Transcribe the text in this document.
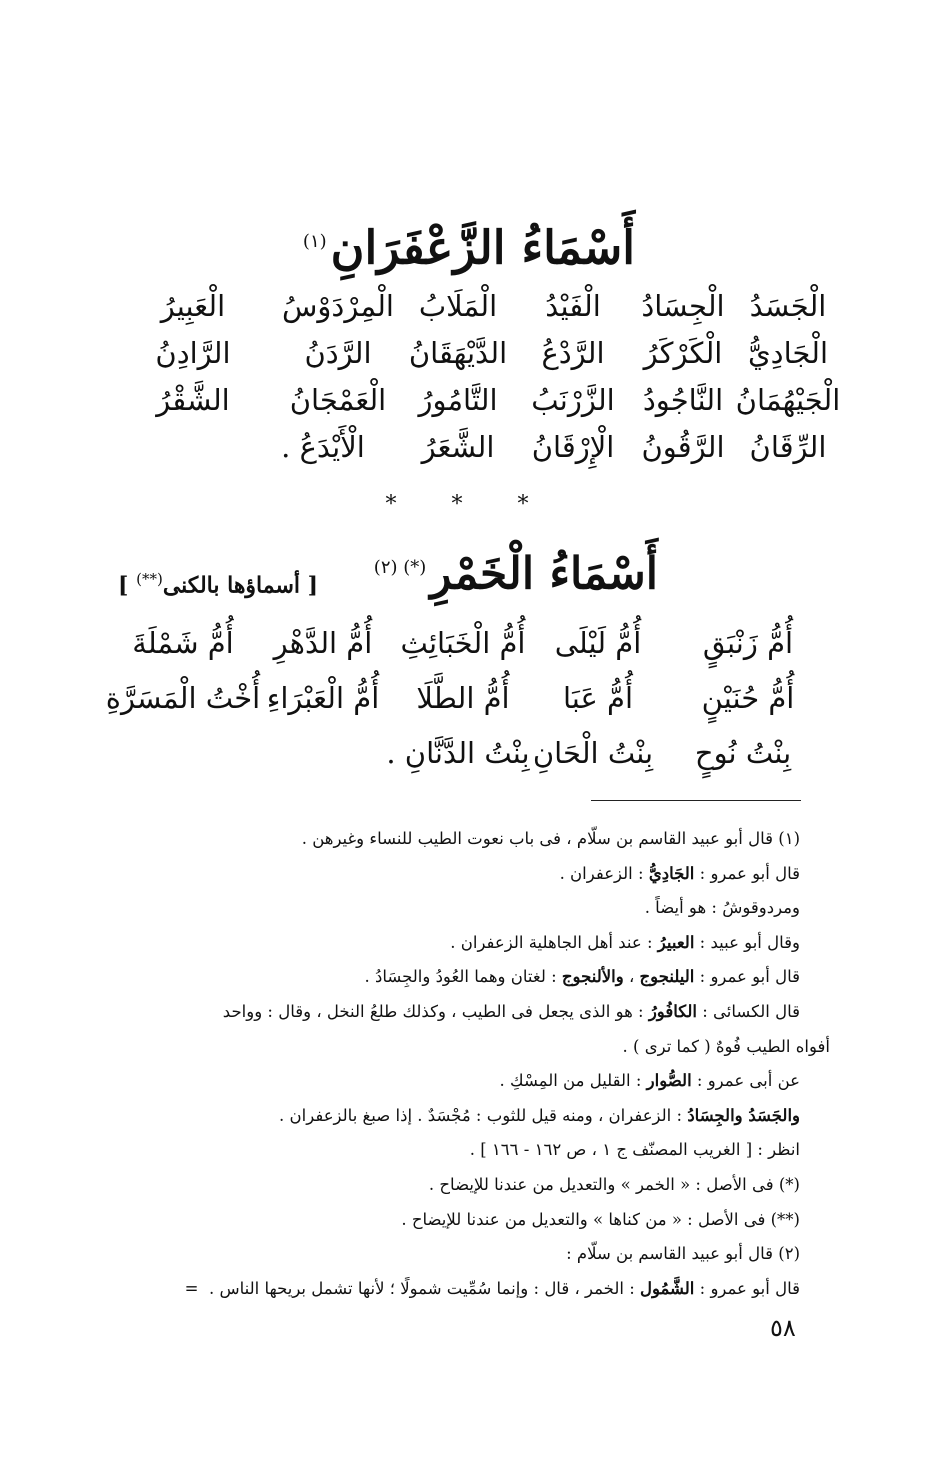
أَسْمَاءُ الزَّعْفَرَانِ$^{(١)}$
الْجَسَدُ
الْجِسَادُ
الْفَيْدُ
الْمَلَابُ
الْمِرْدَوْسُ
الْعَبِيرُ
الْجَادِيُّ
الْكَرْكَرُ
الرَّدْعُ
الدَّيْهَقَانُ
الرَّدَنُ
الرَّادِنُ
الْجَيْهُمَانُ
النَّاجُودُ
الزَّرْنَبُ
التَّامُورُ
الْعَمْجَانُ
الشَّقْرُ
الرِّقَانُ
الرَّقُونُ
الْإِرْقَانُ
الشَّعَرُ
الْأَيْدَعُ .
* * *
أَسْمَاءُ الْخَمْرِ$^{(*) (٢)}$
[ أسماؤها بالكنى(**) ]
أُمُّ زَنْبَقٍ
أُمُّ لَيْلَى
أُمُّ الْخَبَائِثِ
أُمُّ الدَّهْرِ
أُمُّ شَمْلَةَ
أُمُّ حُنَيْنٍ
أُمُّ عَبَا
أُمُّ الطَّلَا
أُمُّ الْعَبْرَاءِ
أُخْتُ الْمَسَرَّةِ
بِنْتُ نُوحٍ
بِنْتُ الْحَانِ
بِنْتُ الدَّنَّانِ .
(١) قال أبو عبيد القاسم بن سلّام ، فى باب نعوت الطيب للنساء وغيرهن .
قال أبو عمرو : الجَادِيُّ : الزعفران .
ومردوقوشُ : هو أيضاً .
وقال أبو عبيد : العبيرُ : عند أهل الجاهلية الزعفران .
قال أبو عمرو : اليلنجوج ، والألنجوج : لغتان وهما العُودُ والجِسَادُ .
قال الكسائى : الكافُورُ : هو الذى يجعل فى الطيب ، وكذلك طلعُ النخل ، وقال : وواحد
أفواه الطيب فُوهٌ ( كما ترى ) .
عن أبى عمرو : الصُّوار : القليل من المِسْكِ .
والجَسَدُ والجِسَادُ : الزعفران ، ومنه قيل للثوب : مُجْسَدٌ . إذا صبغ بالزعفران .
انظر : [ الغريب المصنّف ج ١ ، ص ١٦٢ - ١٦٦ ] .
(*) فى الأصل : « الخمر » والتعديل من عندنا للإيضاح .
(**) فى الأصل : « من كناها » والتعديل من عندنا للإيضاح .
(٢) قال أبو عبيد القاسم بن سلّام :
قال أبو عمرو : الشَّمُول : الخمر ، قال : وإنما سُمِّيت شمولًا ؛ لأنها تشمل بريحها الناس .  =
٥٨
